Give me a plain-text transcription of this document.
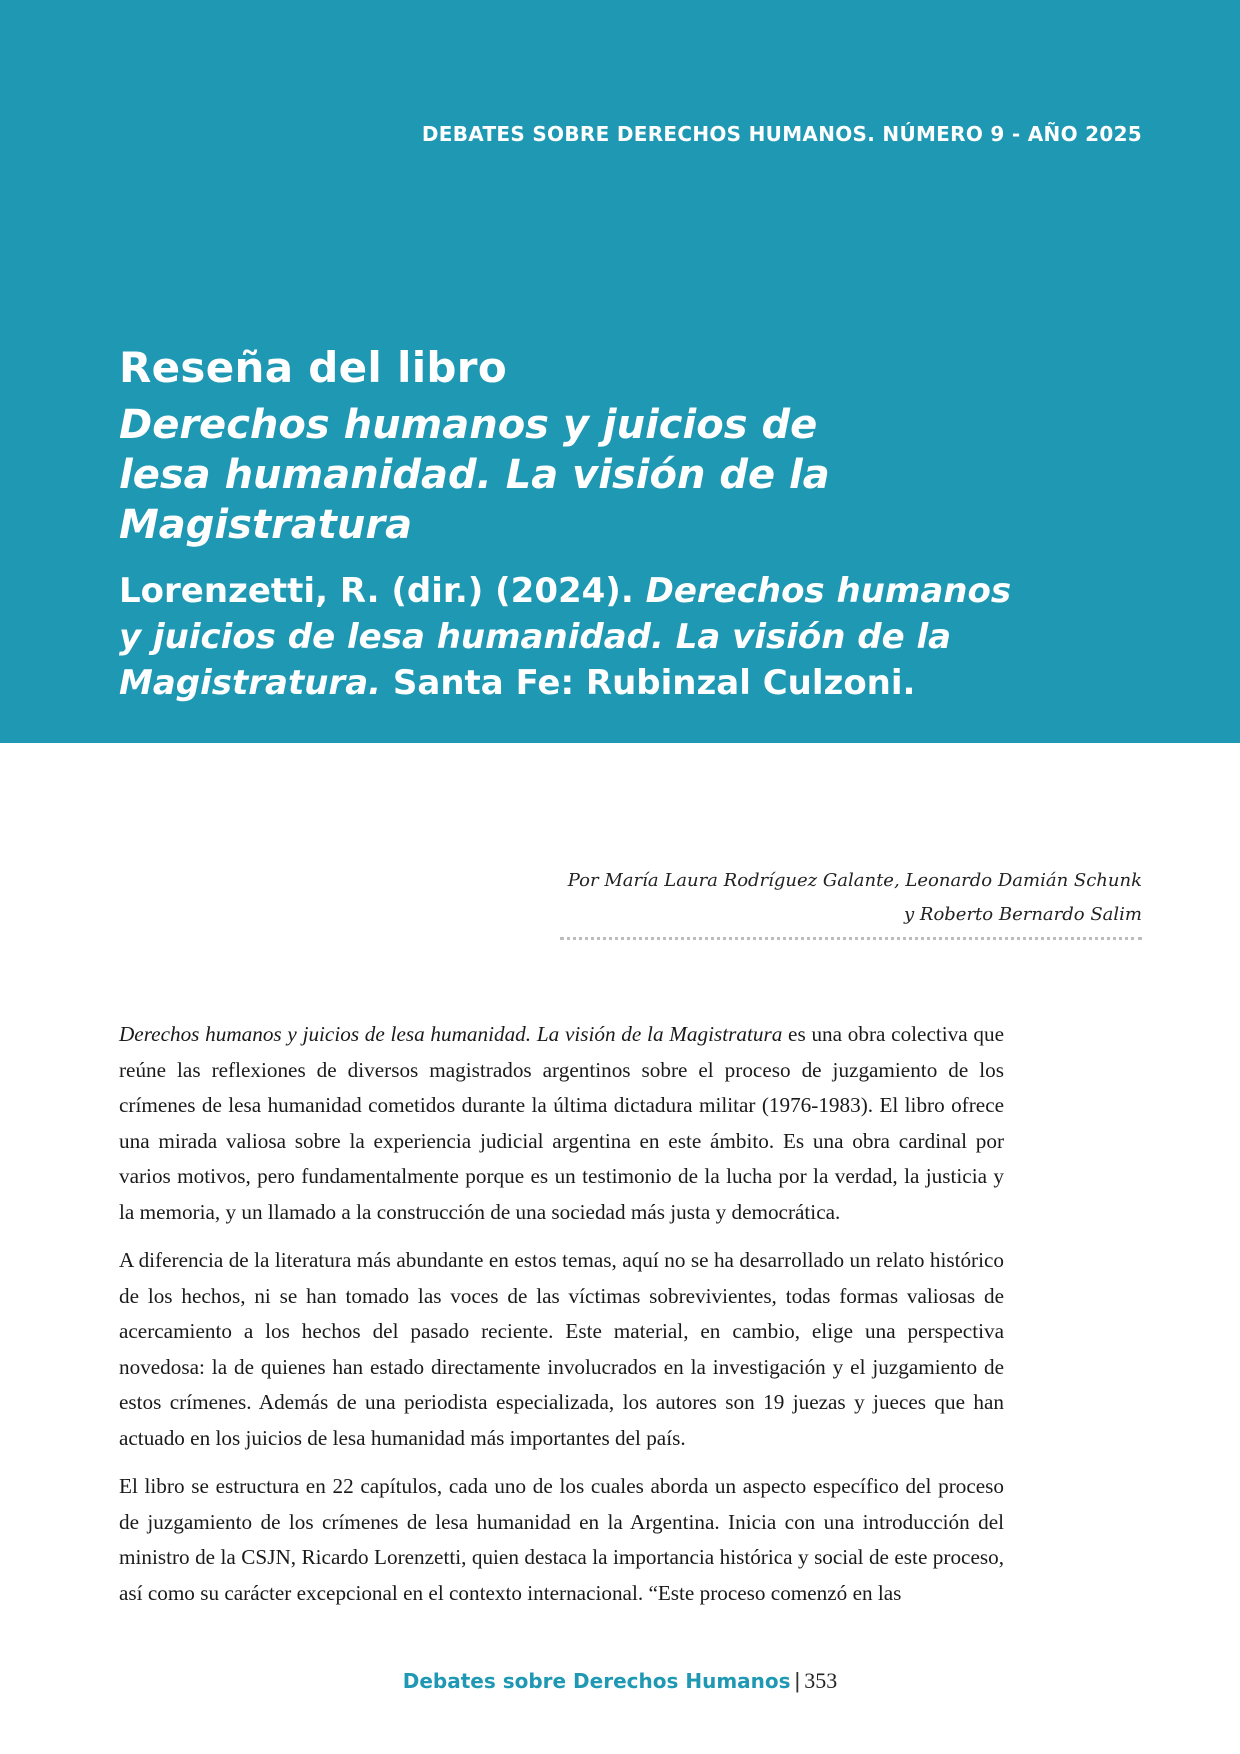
DEBATES SOBRE DERECHOS HUMANOS. NÚMERO 9 - AÑO 2025
Reseña del libro
Derechos humanos y juicios de lesa humanidad. La visión de la Magistratura
Lorenzetti, R. (dir.) (2024). Derechos humanos y juicios de lesa humanidad. La visión de la Magistratura. Santa Fe: Rubinzal Culzoni.
Por María Laura Rodríguez Galante, Leonardo Damián Schunk
y Roberto Bernardo Salim

Derechos humanos y juicios de lesa humanidad. La visión de la Magistratura es una obra colectiva que reúne las reflexiones de diversos magistrados argentinos sobre el proceso de juzgamiento de los crímenes de lesa humanidad cometidos durante la última dictadura militar (1976-1983). El libro ofrece una mirada valiosa sobre la experiencia judicial argentina en este ámbito. Es una obra cardinal por varios motivos, pero fundamentalmente porque es un testimonio de la lucha por la verdad, la justicia y la memoria, y un llamado a la construcción de una sociedad más justa y democrática.

A diferencia de la literatura más abundante en estos temas, aquí no se ha desarrollado un relato histórico de los hechos, ni se han tomado las voces de las víctimas sobrevivientes, todas formas valiosas de acercamiento a los hechos del pasado reciente. Este material, en cambio, elige una perspectiva novedosa: la de quienes han estado directamente involucrados en la investigación y el juzgamiento de estos crímenes. Además de una periodista especializada, los autores son 19 juezas y jueces que han actuado en los juicios de lesa humanidad más importantes del país.

El libro se estructura en 22 capítulos, cada uno de los cuales aborda un aspecto específico del proceso de juzgamiento de los crímenes de lesa humanidad en la Argentina. Inicia con una introducción del ministro de la CSJN, Ricardo Lorenzetti, quien destaca la importancia histórica y social de este proceso, así como su carácter excepcional en el contexto internacional. “Este proceso comenzó en las

Debates sobre Derechos Humanos | 353
